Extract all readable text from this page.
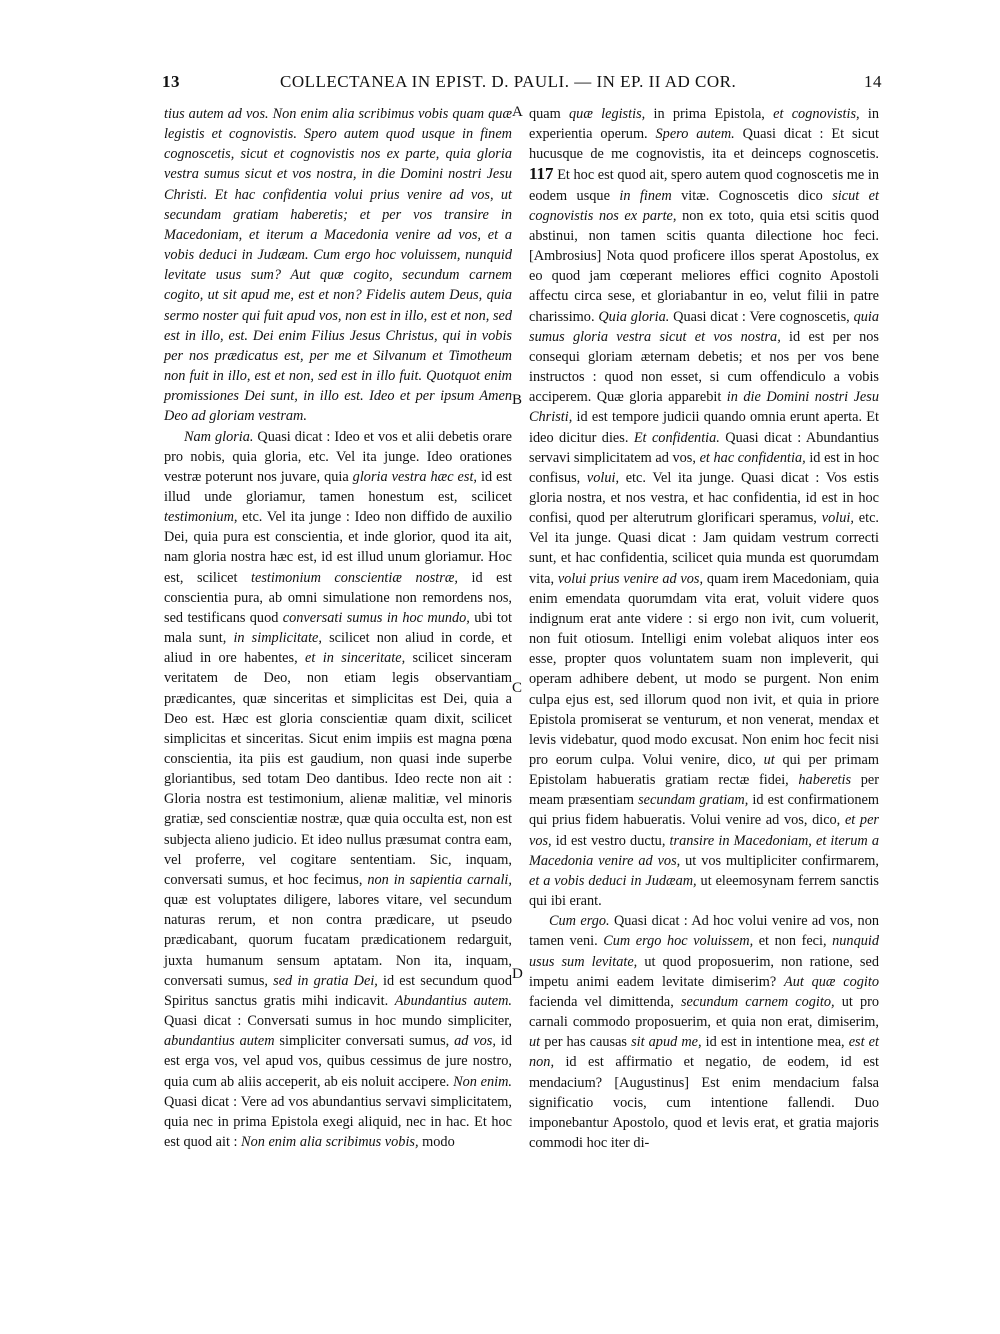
13	COLLECTANEA IN EPIST. D. PAULI. — IN EP. II AD COR.	14
A
B
C
D

tius autem ad vos. Non enim alia scribimus vobis quam quæ legistis et cognovistis. Spero autem quod usque in finem cognoscetis, sicut et cognovistis nos ex parte, quia gloria vestra sumus sicut et vos nostra, in die Domini nostri Jesu Christi. Et hac confidentia volui prius venire ad vos, ut secundam gratiam haberetis; et per vos transire in Macedoniam, et iterum a Macedonia venire ad vos, et a vobis deduci in Judæam. Cum ergo hoc voluissem, nunquid levitate usus sum? Aut quæ cogito, secundum carnem cogito, ut sit apud me, est et non? Fidelis autem Deus, quia sermo noster qui fuit apud vos, non est in illo, est et non, sed est in illo, est. Dei enim Filius Jesus Christus, qui in vobis per nos prædicatus est, per me et Silvanum et Timotheum non fuit in illo, est et non, sed est in illo fuit. Quotquot enim promissiones Dei sunt, in illo est. Ideo et per ipsum Amen Deo ad gloriam vestram.

Nam gloria. Quasi dicat : Ideo et vos et alii debetis orare pro nobis, quia gloria, etc. Vel ita junge. Ideo orationes vestræ poterunt nos juvare, quia gloria vestra hæc est, id est illud unde gloriamur, tamen honestum est, scilicet testimonium, etc. Vel ita junge : Ideo non diffido de auxilio Dei, quia pura est conscientia, et inde glorior, quod ita ait, nam gloria nostra hæc est, id est illud unum gloriamur. Hoc est, scilicet testimonium conscientiæ nostræ, id est conscientia pura, ab omni simulatione non remordens nos, sed testificans quod conversati sumus in hoc mundo, ubi tot mala sunt, in simplicitate, scilicet non aliud in corde, et aliud in ore habentes, et in sinceritate, scilicet sinceram veritatem de Deo, non etiam legis observantiam prædicantes, quæ sinceritas et simplicitas est Dei, quia a Deo est. Hæc est gloria conscientiæ quam dixit, scilicet simplicitas et sinceritas. Sicut enim impiis est magna pœna conscientia, ita piis est gaudium, non quasi inde superbe gloriantibus, sed totam Deo dantibus. Ideo recte non ait : Gloria nostra est testimonium, alienæ malitiæ, vel minoris gratiæ, sed conscientiæ nostræ, quæ quia occulta est, non est subjecta alieno judicio. Et ideo nullus præsumat contra eam, vel proferre, vel cogitare sententiam. Sic, inquam, conversati sumus, et hoc fecimus, non in sapientia carnali, quæ est voluptates diligere, labores vitare, vel secundum naturas rerum, et non contra prædicare, ut pseudo prædicabant, quorum fucatam prædicationem redarguit, juxta humanum sensum aptatam. Non ita, inquam, conversati sumus, sed in gratia Dei, id est secundum quod Spiritus sanctus gratis mihi indicavit. Abundantius autem. Quasi dicat : Conversati sumus in hoc mundo simpliciter, abundantius autem simpliciter conversati sumus, ad vos, id est erga vos, vel apud vos, quibus cessimus de jure nostro, quia cum ab aliis acceperit, ab eis noluit accipere. Non enim. Quasi dicat : Vere ad vos abundantius servavi simplicitatem, quia nec in prima Epistola exegi aliquid, nec in hac. Et hoc est quod ait : Non enim alia scribimus vobis, modo

quam quæ legistis, in prima Epistola, et cognovistis, in experientia operum. Spero autem. Quasi dicat : Et sicut hucusque de me cognovistis, ita et deinceps cognoscetis. 117 Et hoc est quod ait, spero autem quod cognoscetis me in eodem usque in finem vitæ. Cognoscetis dico sicut et cognovistis nos ex parte, non ex toto, quia etsi scitis quod abstinui, non tamen scitis quanta dilectione hoc feci. [Ambrosius] Nota quod proficere illos sperat Apostolus, ex eo quod jam cœperant meliores effici cognito Apostoli affectu circa sese, et gloriabantur in eo, velut filii in patre charissimo. Quia gloria. Quasi dicat : Vere cognoscetis, quia sumus gloria vestra sicut et vos nostra, id est per nos consequi gloriam æternam debetis; et nos per vos bene instructos : quod non esset, si cum offendiculo a vobis acciperem. Quæ gloria apparebit in die Domini nostri Jesu Christi, id est tempore judicii quando omnia erunt aperta. Et ideo dicitur dies. Et confidentia. Quasi dicat : Abundantius servavi simplicitatem ad vos, et hac confidentia, id est in hoc confisus, volui, etc. Vel ita junge. Quasi dicat : Vos estis gloria nostra, et nos vestra, et hac confidentia, id est in hoc confisi, quod per alterutrum glorificari speramus, volui, etc. Vel ita junge. Quasi dicat : Jam quidam vestrum correcti sunt, et hac confidentia, scilicet quia munda est quorumdam vita, volui prius venire ad vos, quam irem Macedoniam, quia enim emendata quorumdam vita erat, voluit videre quos indignum erat ante videre : si ergo non ivit, cum voluerit, non fuit otiosum. Intelligi enim volebat aliquos inter eos esse, propter quos voluntatem suam non impleverit, qui operam adhibere debent, ut modo se purgent. Non enim culpa ejus est, sed illorum quod non ivit, et quia in priore Epistola promiserat se venturum, et non venerat, mendax et levis videbatur, quod modo excusat. Non enim hoc fecit nisi pro eorum culpa. Volui venire, dico, ut qui per primam Epistolam habueratis gratiam rectæ fidei, haberetis per meam præsentiam secundam gratiam, id est confirmationem qui prius fidem habueratis. Volui venire ad vos, dico, et per vos, id est vestro ductu, transire in Macedoniam, et iterum a Macedonia venire ad vos, ut vos multipliciter confirmarem, et a vobis deduci in Judæam, ut eleemosynam ferrem sanctis qui ibi erant.

Cum ergo. Quasi dicat : Ad hoc volui venire ad vos, non tamen veni. Cum ergo hoc voluissem, et non feci, nunquid usus sum levitate, ut quod proposuerim, non ratione, sed impetu animi eadem levitate dimiserim? Aut quæ cogito facienda vel dimittenda, secundum carnem cogito, ut pro carnali commodo proposuerim, et quia non erat, dimiserim, ut per has causas sit apud me, id est in intentione mea, est et non, id est affirmatio et negatio, de eodem, id est mendacium? [Augustinus] Est enim mendacium falsa significatio vocis, cum intentione fallendi. Duo imponebantur Apostolo, quod et levis erat, et gratia majoris commodi hoc iter di-
